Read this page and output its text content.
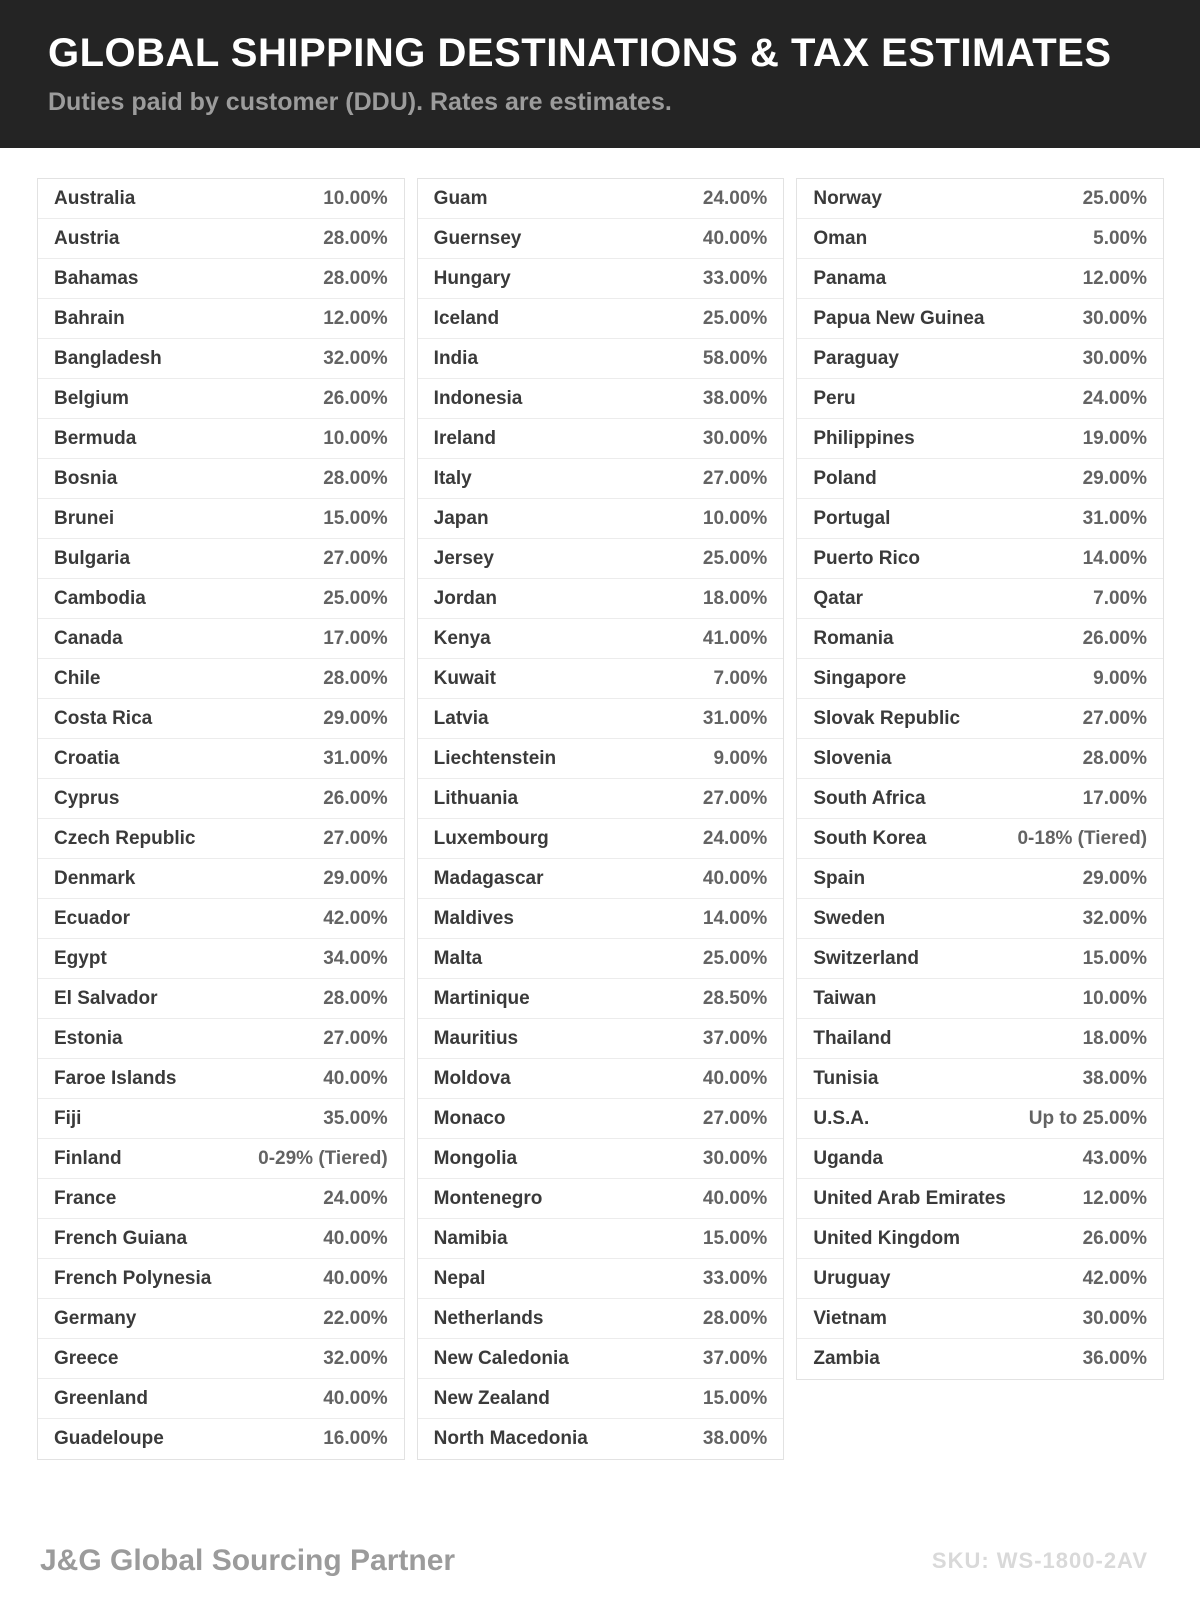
GLOBAL SHIPPING DESTINATIONS & TAX ESTIMATES
Duties paid by customer (DDU). Rates are estimates.
Australia	10.00%
Austria	28.00%
Bahamas	28.00%
Bahrain	12.00%
Bangladesh	32.00%
Belgium	26.00%
Bermuda	10.00%
Bosnia	28.00%
Brunei	15.00%
Bulgaria	27.00%
Cambodia	25.00%
Canada	17.00%
Chile	28.00%
Costa Rica	29.00%
Croatia	31.00%
Cyprus	26.00%
Czech Republic	27.00%
Denmark	29.00%
Ecuador	42.00%
Egypt	34.00%
El Salvador	28.00%
Estonia	27.00%
Faroe Islands	40.00%
Fiji	35.00%
Finland	0-29% (Tiered)
France	24.00%
French Guiana	40.00%
French Polynesia	40.00%
Germany	22.00%
Greece	32.00%
Greenland	40.00%
Guadeloupe	16.00%
Guam	24.00%
Guernsey	40.00%
Hungary	33.00%
Iceland	25.00%
India	58.00%
Indonesia	38.00%
Ireland	30.00%
Italy	27.00%
Japan	10.00%
Jersey	25.00%
Jordan	18.00%
Kenya	41.00%
Kuwait	7.00%
Latvia	31.00%
Liechtenstein	9.00%
Lithuania	27.00%
Luxembourg	24.00%
Madagascar	40.00%
Maldives	14.00%
Malta	25.00%
Martinique	28.50%
Mauritius	37.00%
Moldova	40.00%
Monaco	27.00%
Mongolia	30.00%
Montenegro	40.00%
Namibia	15.00%
Nepal	33.00%
Netherlands	28.00%
New Caledonia	37.00%
New Zealand	15.00%
North Macedonia	38.00%
Norway	25.00%
Oman	5.00%
Panama	12.00%
Papua New Guinea	30.00%
Paraguay	30.00%
Peru	24.00%
Philippines	19.00%
Poland	29.00%
Portugal	31.00%
Puerto Rico	14.00%
Qatar	7.00%
Romania	26.00%
Singapore	9.00%
Slovak Republic	27.00%
Slovenia	28.00%
South Africa	17.00%
South Korea	0-18% (Tiered)
Spain	29.00%
Sweden	32.00%
Switzerland	15.00%
Taiwan	10.00%
Thailand	18.00%
Tunisia	38.00%
U.S.A.	Up to 25.00%
Uganda	43.00%
United Arab Emirates	12.00%
United Kingdom	26.00%
Uruguay	42.00%
Vietnam	30.00%
Zambia	36.00%
J&G Global Sourcing Partner	SKU: WS-1800-2AV
